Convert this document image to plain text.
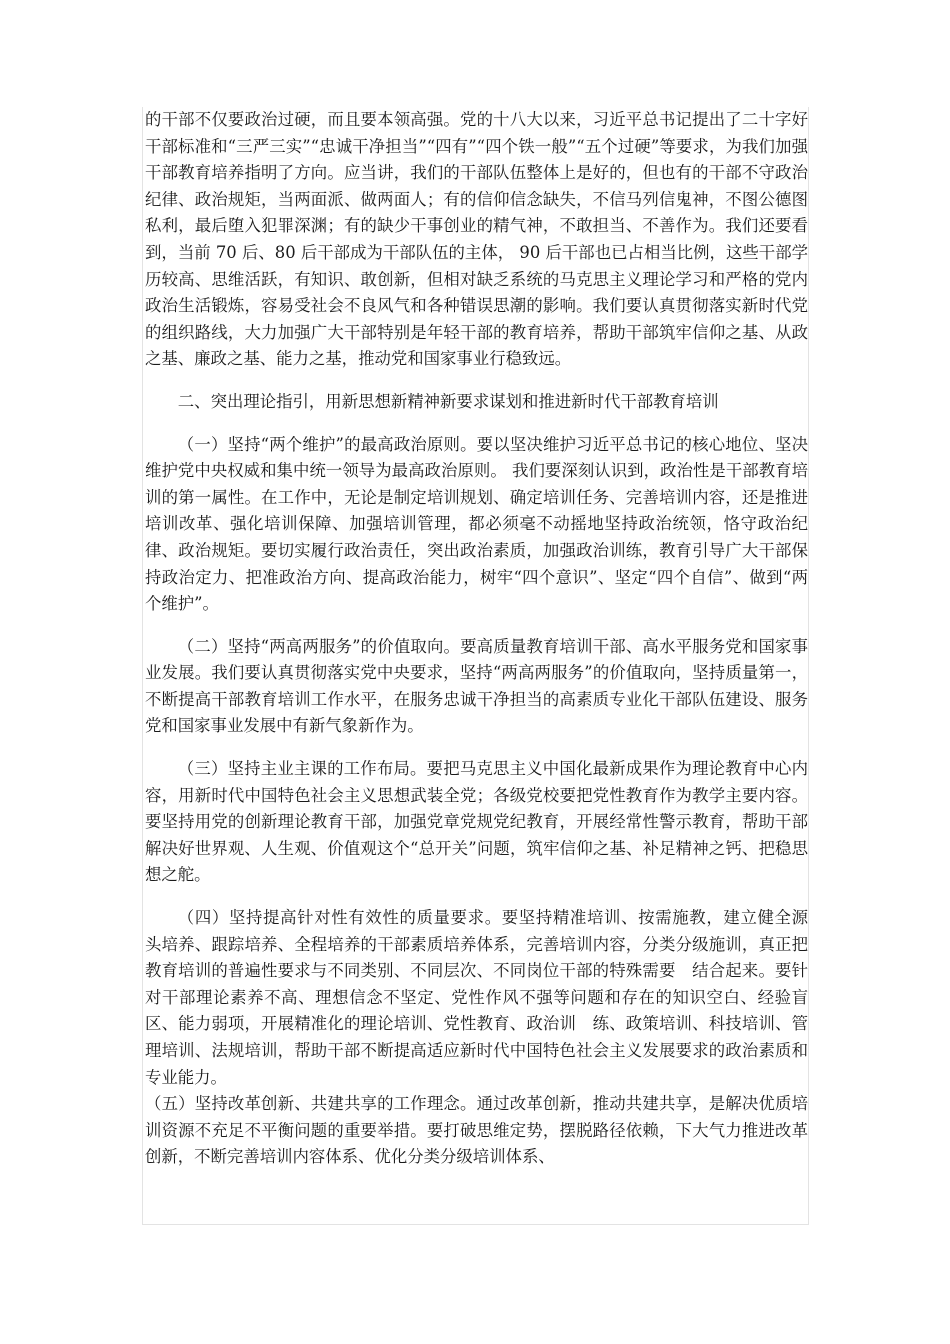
的干部不仅要政治过硬，而且要本领高强。党的十八大以来，习近平总书记提出了二十字好干部标准和“三严三实”“忠诚干净担当”“四有”“四个铁一般”“五个过硬”等要求，为我们加强干部教育培养指明了方向。应当讲，我们的干部队伍整体上是好的，但也有的干部不守政治纪律、政治规矩，当两面派、做两面人；有的信仰信念缺失，不信马列信鬼神，不图公德图私利，最后堕入犯罪深渊；有的缺少干事创业的精气神，不敢担当、不善作为。我们还要看到，当前 70 后、80 后干部成为干部队伍的主体， 90 后干部也已占相当比例，这些干部学历较高、思维活跃，有知识、敢创新，但相对缺乏系统的马克思主义理论学习和严格的党内政治生活锻炼，容易受社会不良风气和各种错误思潮的影响。我们要认真贯彻落实新时代党的组织路线，大力加强广大干部特别是年轻干部的教育培养，帮助干部筑牢信仰之基、从政之基、廉政之基、能力之基，推动党和国家事业行稳致远。

二、突出理论指引，用新思想新精神新要求谋划和推进新时代干部教育培训

（一）坚持“两个维护”的最高政治原则。要以坚决维护习近平总书记的核心地位、坚决维护党中央权威和集中统一领导为最高政治原则。 我们要深刻认识到，政治性是干部教育培训的第一属性。在工作中，无论是制定培训规划、确定培训任务、完善培训内容，还是推进培训改革、强化培训保障、加强培训管理，都必须毫不动摇地坚持政治统领，恪守政治纪律、政治规矩。要切实履行政治责任，突出政治素质，加强政治训练，教育引导广大干部保持政治定力、把准政治方向、提高政治能力，树牢“四个意识”、坚定“四个自信”、做到“两个维护”。

（二）坚持“两高两服务”的价值取向。要高质量教育培训干部、高水平服务党和国家事业发展。我们要认真贯彻落实党中央要求，坚持“两高两服务”的价值取向，坚持质量第一，不断提高干部教育培训工作水平，在服务忠诚干净担当的高素质专业化干部队伍建设、服务党和国家事业发展中有新气象新作为。

（三）坚持主业主课的工作布局。要把马克思主义中国化最新成果作为理论教育中心内容，用新时代中国特色社会主义思想武装全党；各级党校要把党性教育作为教学主要内容。要坚持用党的创新理论教育干部，加强党章党规党纪教育，开展经常性警示教育，帮助干部解决好世界观、人生观、价值观这个“总开关”问题，筑牢信仰之基、补足精神之钙、把稳思想之舵。

（四）坚持提高针对性有效性的质量要求。要坚持精准培训、按需施教，建立健全源　头培养、跟踪培养、全程培养的干部素质培养体系，完善培训内容，分类分级施训，真正把教育培训的普遍性要求与不同类别、不同层次、不同岗位干部的特殊需要　结合起来。要针对干部理论素养不高、理想信念不坚定、党性作风不强等问题和存在的知识空白、经验盲区、能力弱项，开展精准化的理论培训、党性教育、政治训　练、政策培训、科技培训、管理培训、法规培训，帮助干部不断提高适应新时代中国特色社会主义发展要求的政治素质和专业能力。

（五）坚持改革创新、共建共享的工作理念。通过改革创新，推动共建共享，是解决优质培训资源不充足不平衡问题的重要举措。要打破思维定势，摆脱路径依赖，下大气力推进改革创新，不断完善培训内容体系、优化分类分级培训体系、
